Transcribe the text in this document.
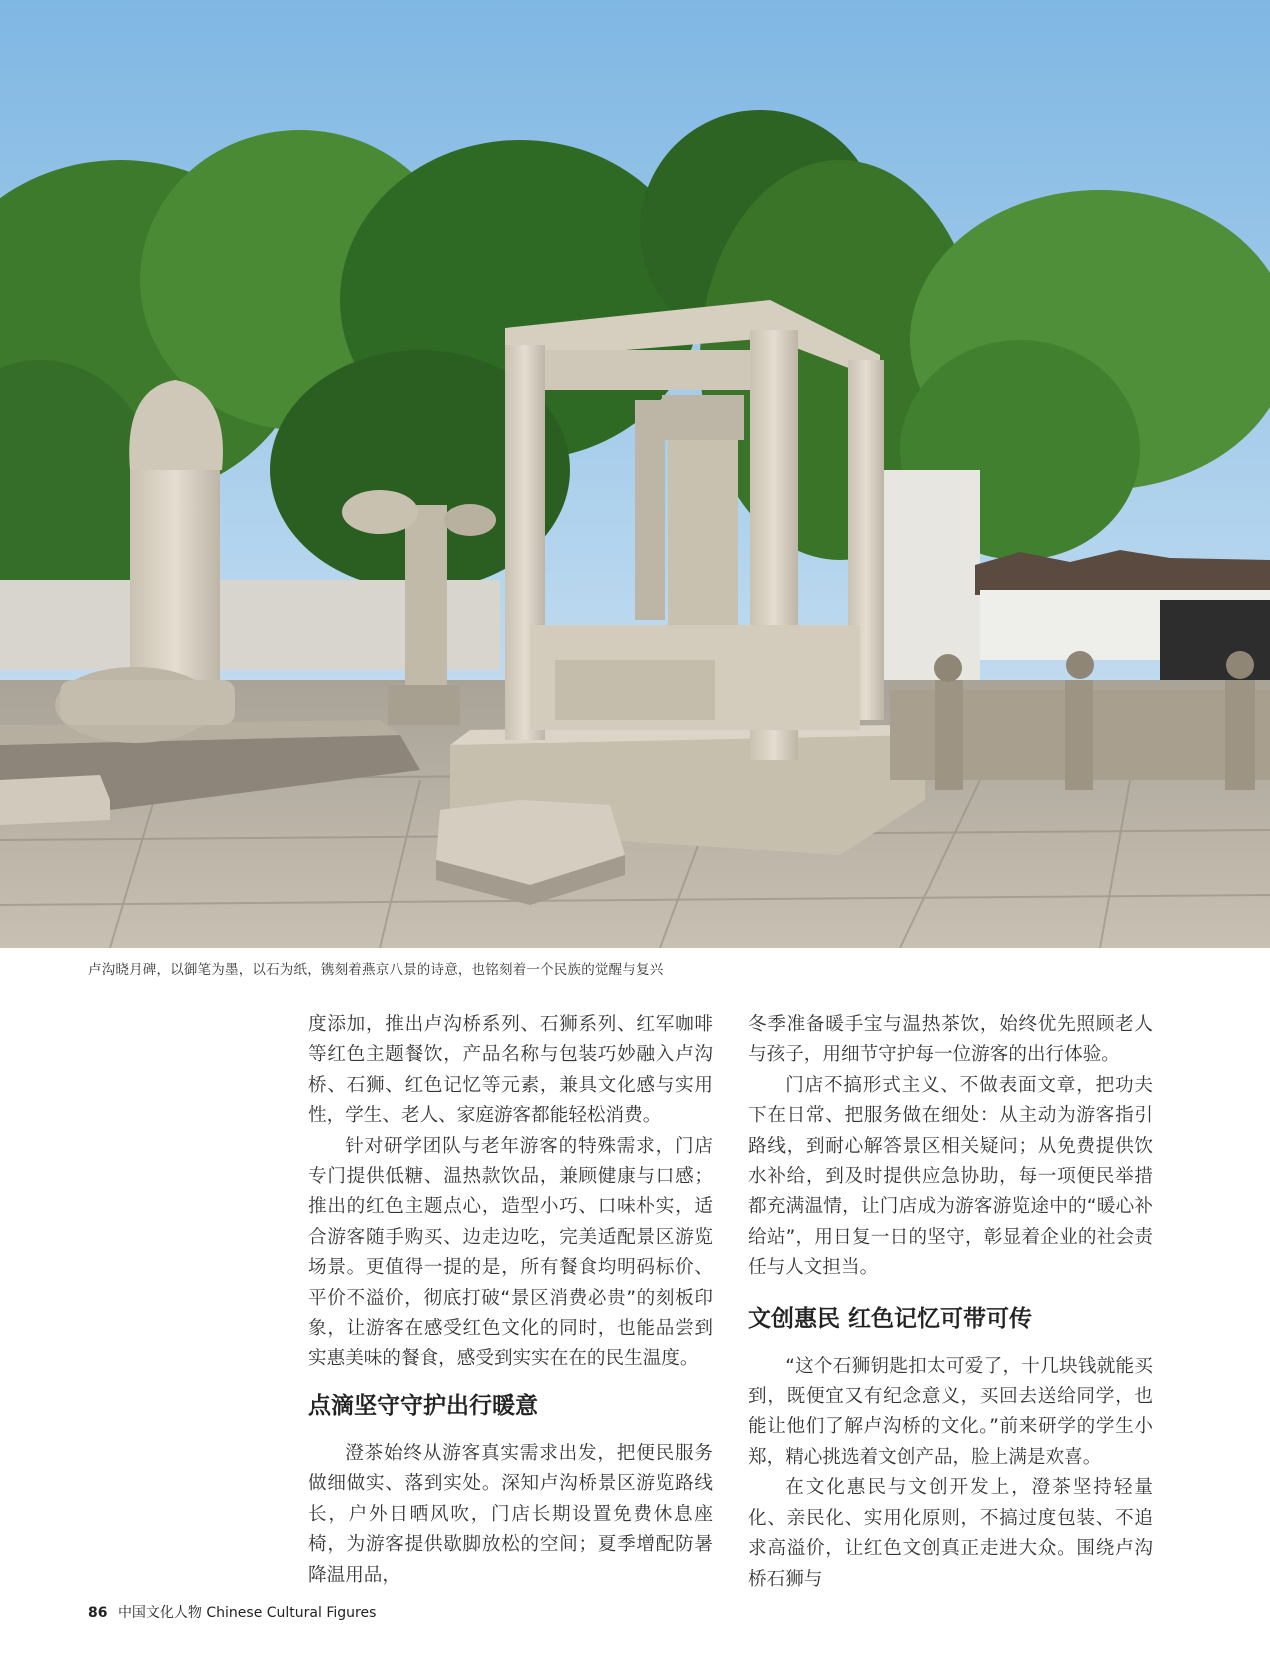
卢沟晓月碑，以御笔为墨，以石为纸，镌刻着燕京八景的诗意，也铭刻着一个民族的觉醒与复兴

度添加，推出卢沟桥系列、石狮系列、红军咖啡等红色主题餐饮，产品名称与包装巧妙融入卢沟桥、石狮、红色记忆等元素，兼具文化感与实用性，学生、老人、家庭游客都能轻松消费。

针对研学团队与老年游客的特殊需求，门店专门提供低糖、温热款饮品，兼顾健康与口感；推出的红色主题点心，造型小巧、口味朴实，适合游客随手购买、边走边吃，完美适配景区游览场景。更值得一提的是，所有餐食均明码标价、平价不溢价，彻底打破“景区消费必贵”的刻板印象，让游客在感受红色文化的同时，也能品尝到实惠美味的餐食，感受到实实在在的民生温度。

点滴坚守守护出行暖意

澄茶始终从游客真实需求出发，把便民服务做细做实、落到实处。深知卢沟桥景区游览路线长，户外日晒风吹，门店长期设置免费休息座椅，为游客提供歇脚放松的空间；夏季增配防暑降温用品，

冬季准备暖手宝与温热茶饮，始终优先照顾老人与孩子，用细节守护每一位游客的出行体验。

门店不搞形式主义、不做表面文章，把功夫下在日常、把服务做在细处：从主动为游客指引路线，到耐心解答景区相关疑问；从免费提供饮水补给，到及时提供应急协助，每一项便民举措都充满温情，让门店成为游客游览途中的“暖心补给站”，用日复一日的坚守，彰显着企业的社会责任与人文担当。

文创惠民 红色记忆可带可传

“这个石狮钥匙扣太可爱了，十几块钱就能买到，既便宜又有纪念意义，买回去送给同学，也能让他们了解卢沟桥的文化。”前来研学的学生小郑，精心挑选着文创产品，脸上满是欢喜。

在文化惠民与文创开发上，澄茶坚持轻量化、亲民化、实用化原则，不搞过度包装、不追求高溢价，让红色文创真正走进大众。围绕卢沟桥石狮与

86 中国文化人物 Chinese Cultural Figures
